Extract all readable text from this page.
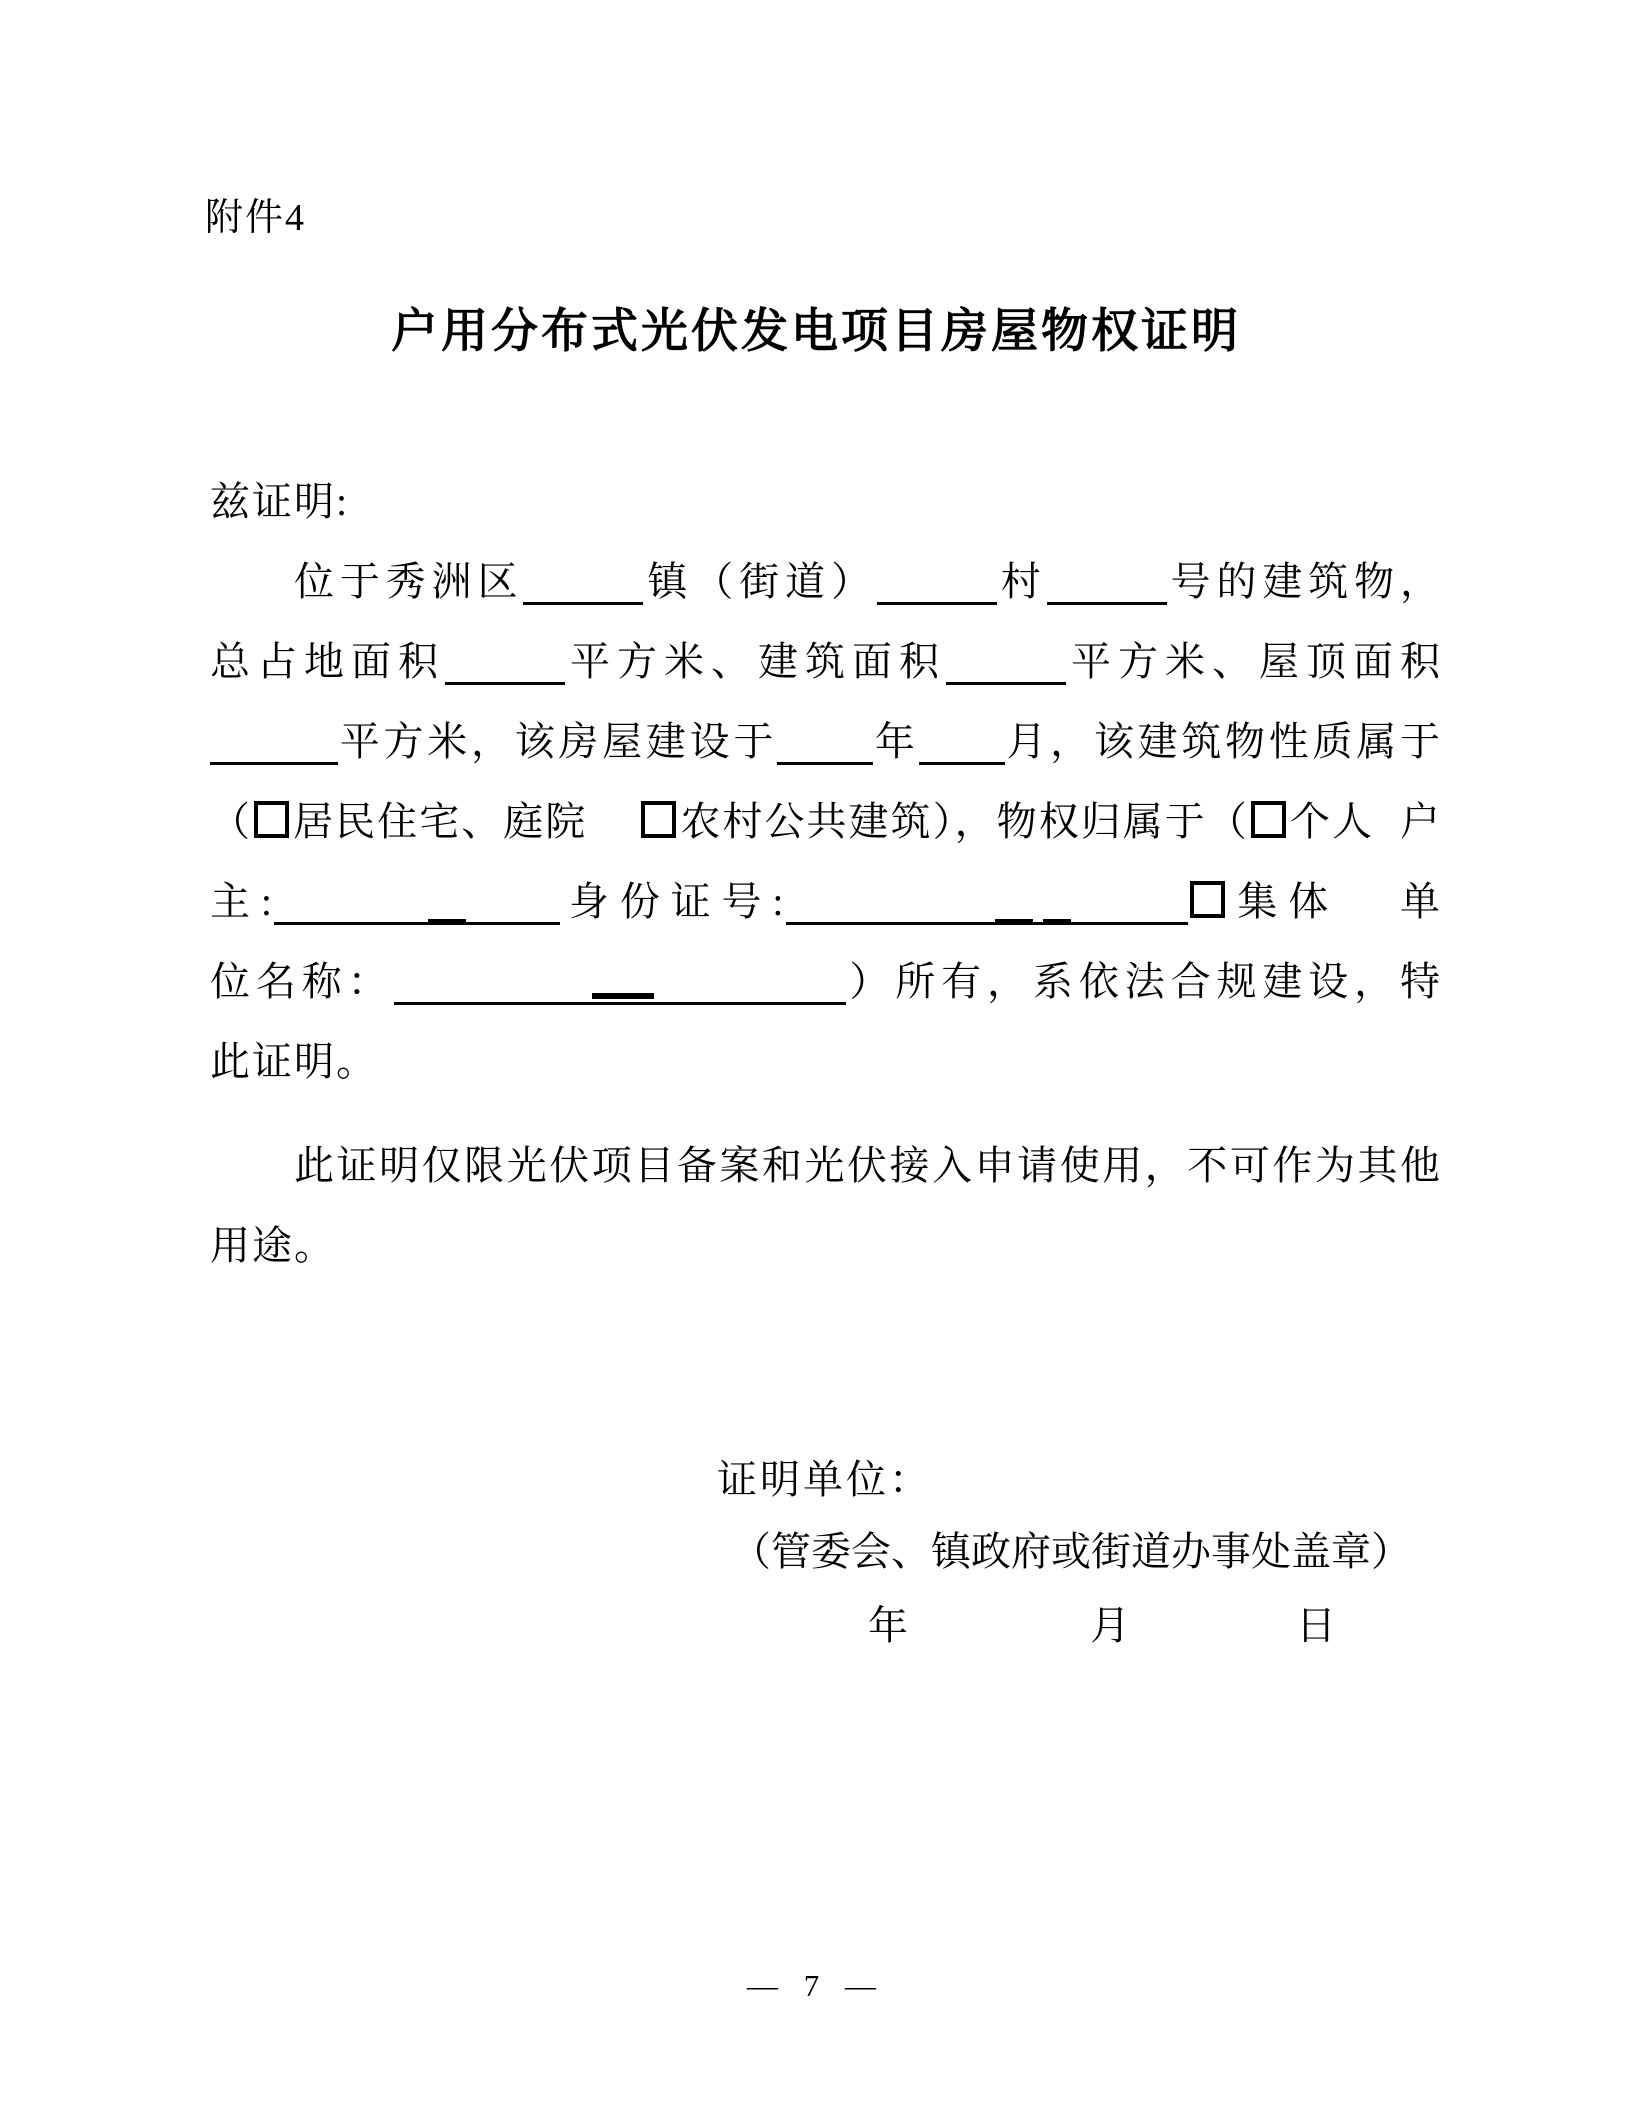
附件4
户用分布式光伏发电项目房屋物权证明
兹证明:
位于秀洲区	镇（街道）	村	号的建筑物，
总占地面积	平方米、建筑面积	平方米、屋顶面积
平方米，该房屋建设于 年 月，该建筑物性质属于
（ 居民住宅、庭院 农村公共建筑），物权归属于（ 个人 户
主:	身份证号:	集体 单
位名称：	）所有，系依法合规建设，特
此证明。
此证明仅限光伏项目备案和光伏接入申请使用，不可作为其他
用途。
证明单位：
（管委会、镇政府或街道办事处盖章）
年	月	日
— 7 —
